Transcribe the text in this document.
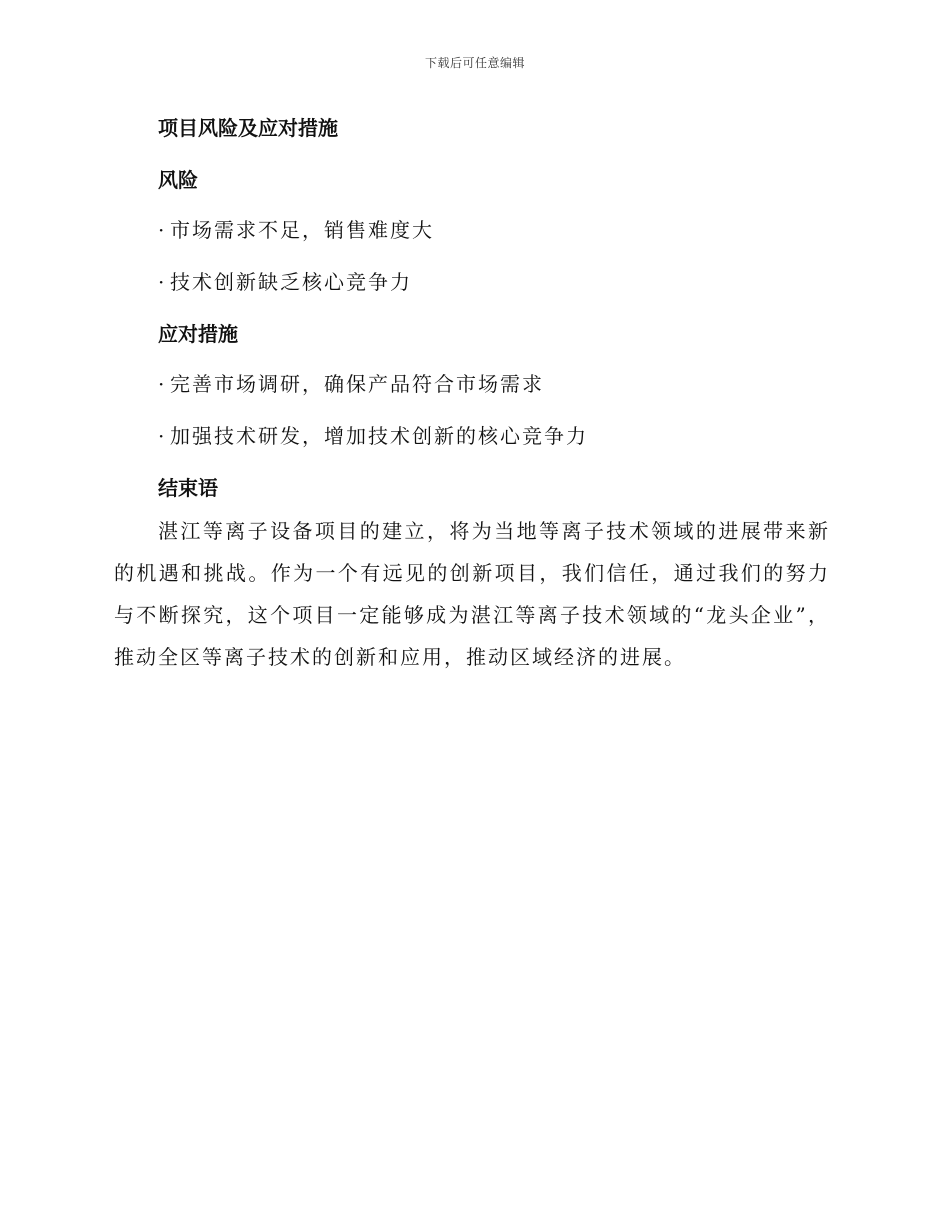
下载后可任意编辑
项目风险及应对措施
风险
· 市场需求不足，销售难度大
· 技术创新缺乏核心竞争力
应对措施
· 完善市场调研，确保产品符合市场需求
· 加强技术研发，增加技术创新的核心竞争力
结束语

湛江等离子设备项目的建立，将为当地等离子技术领域的进展带来新的机遇和挑战。作为一个有远见的创新项目，我们信任，通过我们的努力与不断探究，这个项目一定能够成为湛江等离子技术领域的“龙头企业”，推动全区等离子技术的创新和应用，推动区域经济的进展。
